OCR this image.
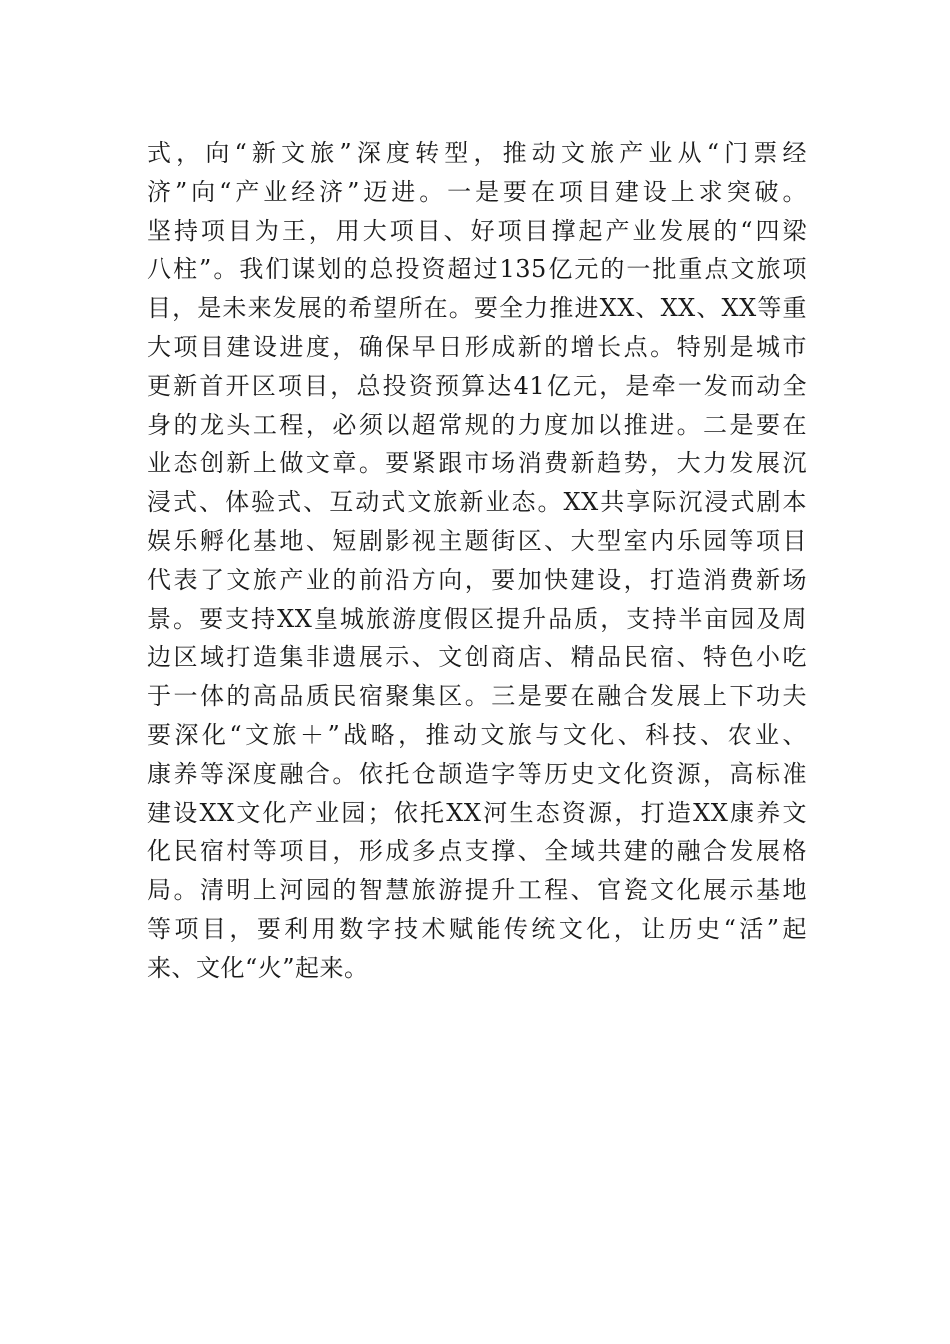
式，向“新文旅”深度转型，推动文旅产业从“门票经
济”向“产业经济”迈进。一是要在项目建设上求突破。
坚持项目为王，用大项目、好项目撑起产业发展的“四梁
八柱”。我们谋划的总投资超过135亿元的一批重点文旅项
目，是未来发展的希望所在。要全力推进XX、XX、XX等重
大项目建设进度，确保早日形成新的增长点。特别是城市
更新首开区项目，总投资预算达41亿元，是牵一发而动全
身的龙头工程，必须以超常规的力度加以推进。二是要在
业态创新上做文章。要紧跟市场消费新趋势，大力发展沉
浸式、体验式、互动式文旅新业态。XX共享际沉浸式剧本
娱乐孵化基地、短剧影视主题街区、大型室内乐园等项目
代表了文旅产业的前沿方向，要加快建设，打造消费新场
景。要支持XX皇城旅游度假区提升品质，支持半亩园及周
边区域打造集非遗展示、文创商店、精品民宿、特色小吃
于一体的高品质民宿聚集区。三是要在融合发展上下功夫
要深化“文旅＋”战略，推动文旅与文化、科技、农业、
康养等深度融合。依托仓颉造字等历史文化资源，高标准
建设XX文化产业园；依托XX河生态资源，打造XX康养文
化民宿村等项目，形成多点支撑、全域共建的融合发展格
局。清明上河园的智慧旅游提升工程、官瓷文化展示基地
等项目，要利用数字技术赋能传统文化，让历史“活”起
来、文化“火”起来。
